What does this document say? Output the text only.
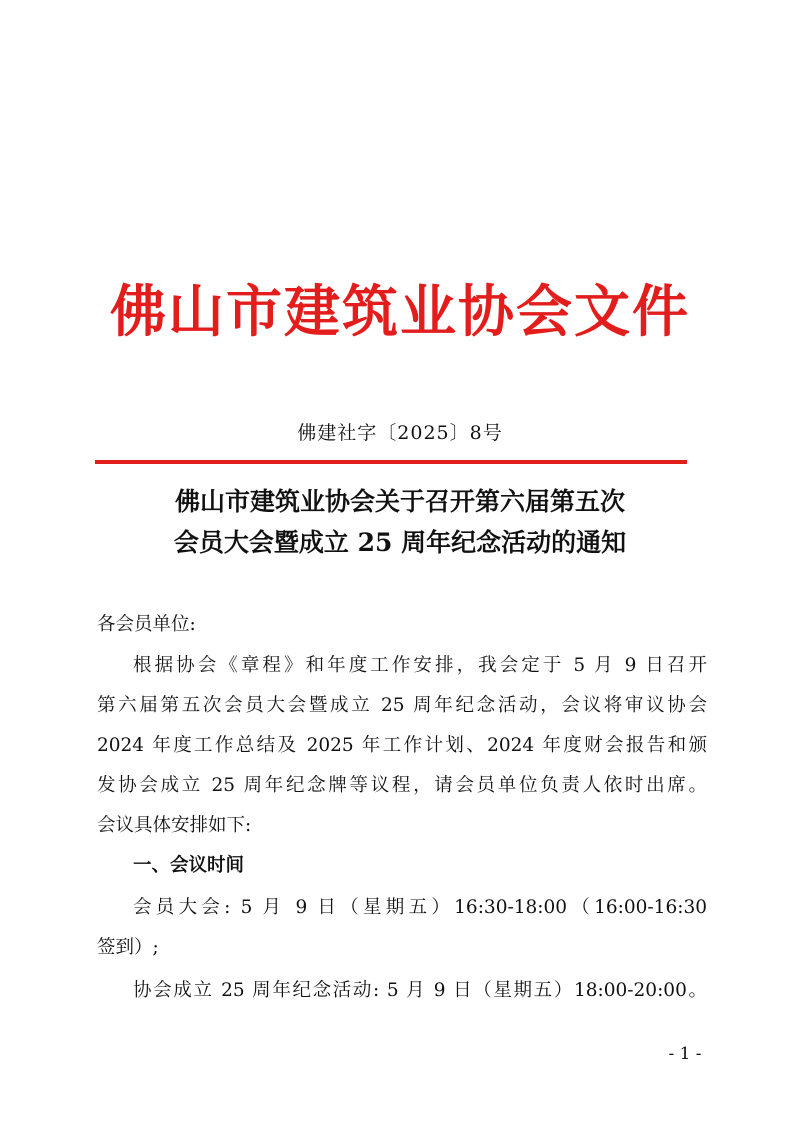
佛山市建筑业协会文件
佛建社字〔2025〕8号
佛山市建筑业协会关于召开第六届第五次
会员大会暨成立 25 周年纪念活动的通知
各会员单位:
根据协会《章程》和年度工作安排，我会定于 5 月 9 日召开
第六届第五次会员大会暨成立 25 周年纪念活动，会议将审议协会
2024 年度工作总结及 2025 年工作计划、2024 年度财会报告和颁
发协会成立 25 周年纪念牌等议程，请会员单位负责人依时出席。
会议具体安排如下:
一、会议时间
会员大会: 5 月 9 日（星期五）16:30-18:00（16:00-16:30
签到）;
协会成立 25 周年纪念活动: 5 月 9 日（星期五）18:00-20:00。
- 1 -
